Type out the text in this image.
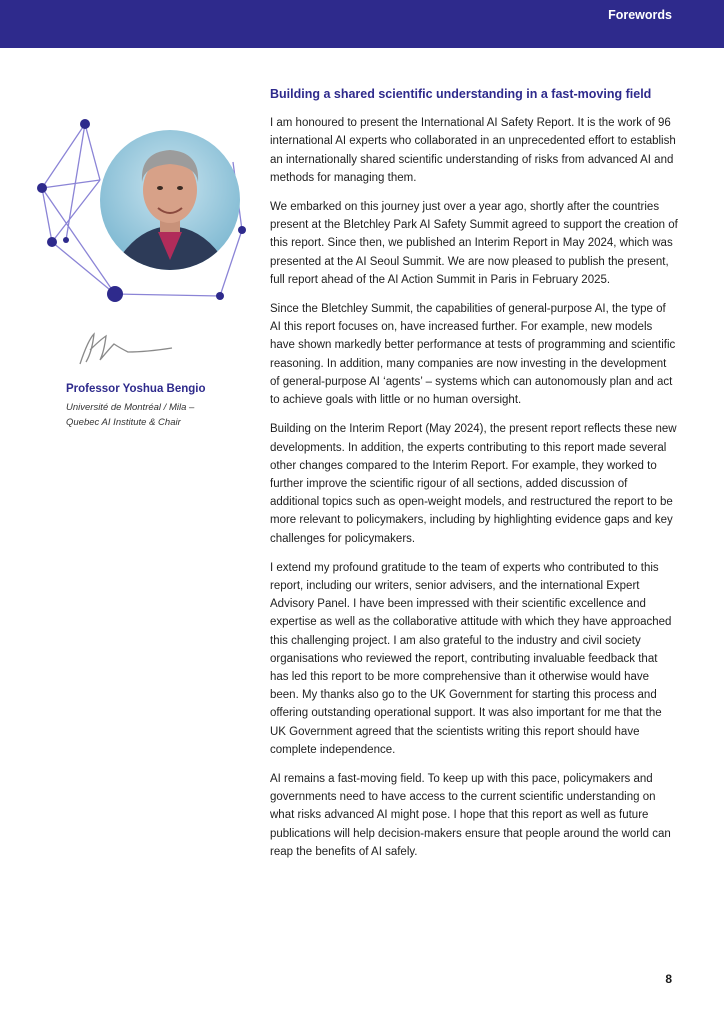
Forewords
Professor Yoshua Bengio
Université de Montréal / Mila –
Quebec AI Institute & Chair
Building a shared scientific understanding in a fast-moving field

I am honoured to present the International AI Safety Report. It is the work of 96 international AI experts who collaborated in an unprecedented effort to establish an internationally shared scientific understanding of risks from advanced AI and methods for managing them.

We embarked on this journey just over a year ago, shortly after the countries present at the Bletchley Park AI Safety Summit agreed to support the creation of this report. Since then, we published an Interim Report in May 2024, which was presented at the AI Seoul Summit. We are now pleased to publish the present, full report ahead of the AI Action Summit in Paris in February 2025.

Since the Bletchley Summit, the capabilities of general-purpose AI, the type of AI this report focuses on, have increased further. For example, new models have shown markedly better performance at tests of programming and scientific reasoning. In addition, many companies are now investing in the development of general-purpose AI ‘agents’ – systems which can autonomously plan and act to achieve goals with little or no human oversight.

Building on the Interim Report (May 2024), the present report reflects these new developments. In addition, the experts contributing to this report made several other changes compared to the Interim Report. For example, they worked to further improve the scientific rigour of all sections, added discussion of additional topics such as open-weight models, and restructured the report to be more relevant to policymakers, including by highlighting evidence gaps and key challenges for policymakers.

I extend my profound gratitude to the team of experts who contributed to this report, including our writers, senior advisers, and the international Expert Advisory Panel. I have been impressed with their scientific excellence and expertise as well as the collaborative attitude with which they have approached this challenging project. I am also grateful to the industry and civil society organisations who reviewed the report, contributing invaluable feedback that has led this report to be more comprehensive than it otherwise would have been. My thanks also go to the UK Government for starting this process and offering outstanding operational support. It was also important for me that the UK Government agreed that the scientists writing this report should have complete independence.

AI remains a fast-moving field. To keep up with this pace, policymakers and governments need to have access to the current scientific understanding on what risks advanced AI might pose. I hope that this report as well as future publications will help decision-makers ensure that people around the world can reap the benefits of AI safely.

8
